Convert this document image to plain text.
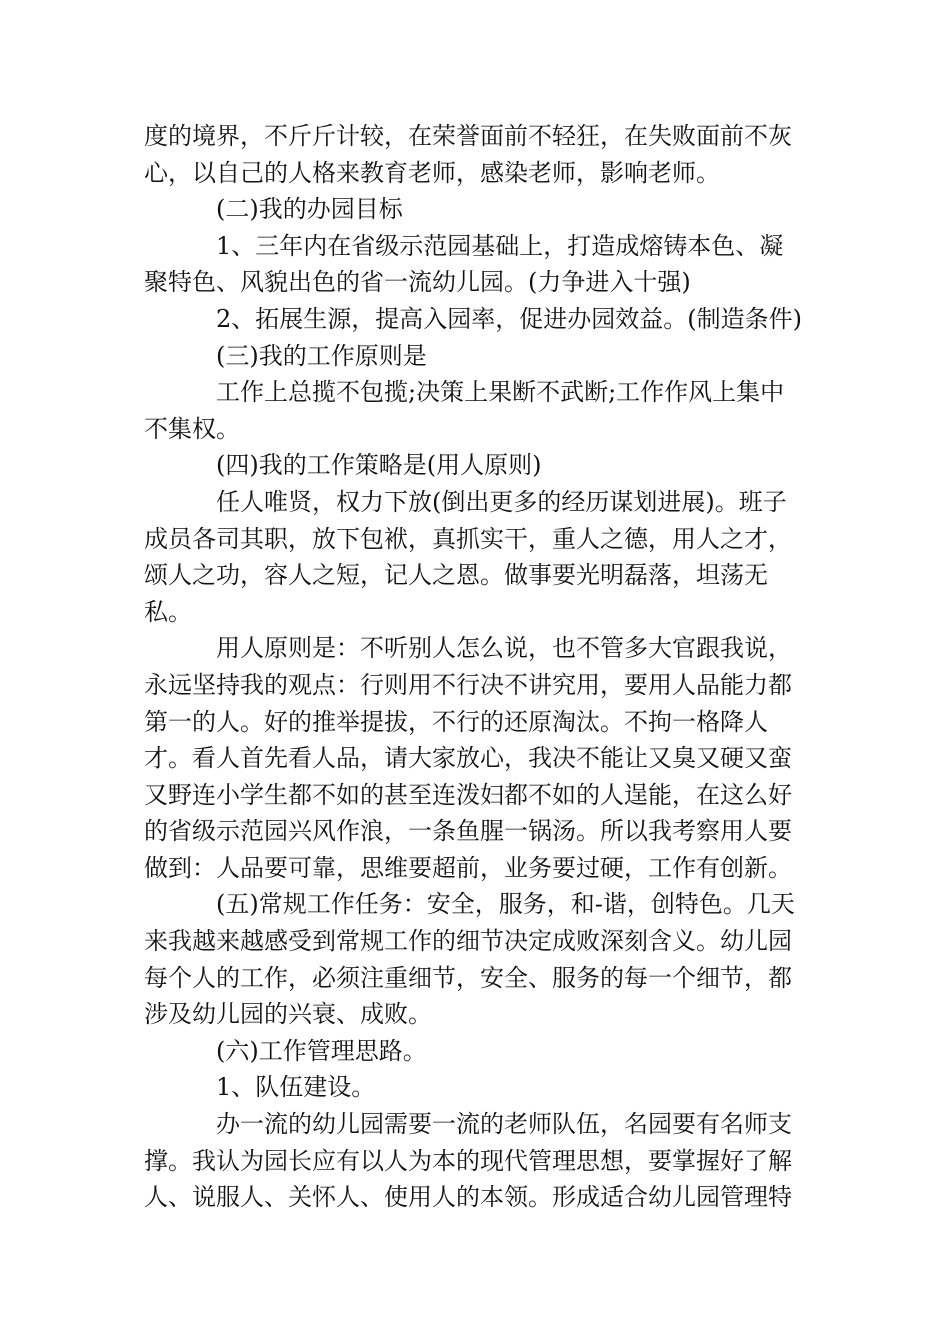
度的境界，不斤斤计较，在荣誉面前不轻狂，在失败面前不灰心，以自己的人格来教育老师，感染老师，影响老师。

(二)我的办园目标

1、三年内在省级示范园基础上，打造成熔铸本色、凝聚特色、风貌出色的省一流幼儿园。(力争进入十强)

2、拓展生源，提高入园率，促进办园效益。(制造条件)

(三)我的工作原则是

工作上总揽不包揽;决策上果断不武断;工作作风上集中不集权。

(四)我的工作策略是(用人原则)

任人唯贤，权力下放(倒出更多的经历谋划进展)。班子成员各司其职，放下包袱，真抓实干，重人之德，用人之才，颂人之功，容人之短，记人之恩。做事要光明磊落，坦荡无私。

用人原则是：不听别人怎么说，也不管多大官跟我说，永远坚持我的观点：行则用不行决不讲究用，要用人品能力都第一的人。好的推举提拔，不行的还原淘汰。不拘一格降人才。看人首先看人品，请大家放心，我决不能让又臭又硬又蛮又野连小学生都不如的甚至连泼妇都不如的人逞能，在这么好的省级示范园兴风作浪，一条鱼腥一锅汤。所以我考察用人要做到：人品要可靠，思维要超前，业务要过硬，工作有创新。

(五)常规工作任务：安全，服务，和-谐，创特色。几天来我越来越感受到常规工作的细节决定成败深刻含义。幼儿园每个人的工作，必须注重细节，安全、服务的每一个细节，都涉及幼儿园的兴衰、成败。

(六)工作管理思路。

1、队伍建设。

办一流的幼儿园需要一流的老师队伍，名园要有名师支撑。我认为园长应有以人为本的现代管理思想，要掌握好了解人、说服人、关怀人、使用人的本领。形成适合幼儿园管理特
